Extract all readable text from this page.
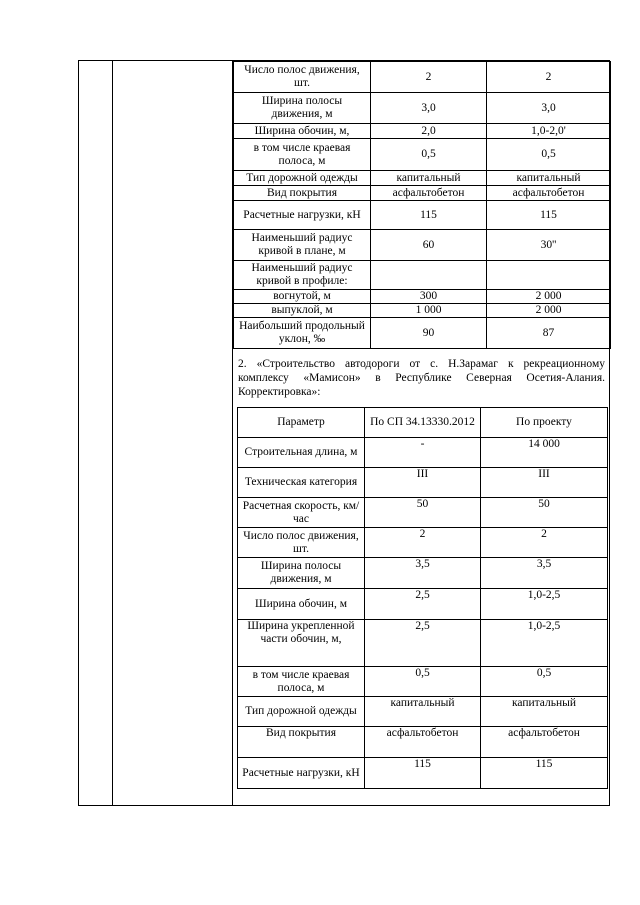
Число полос движения, шт.	2	2
Ширина полосы движения, м	3,0	3,0
Ширина обочин, м,	2,0	1,0-2,0'
в том числе краевая полоса, м	0,5	0,5
Тип дорожной одежды	капитальный	капитальный
Вид покрытия	асфальтобетон	асфальтобетон
Расчетные нагрузки, кН	115	115
Наименьший радиус кривой в плане, м	60	30''
Наименьший радиус кривой в профиле:		
вогнутой, м	300	2 000
выпуклой, м	1 000	2 000
Наибольший продольный уклон, ‰	90	87

2. «Строительство автодороги от с. Н.Зарамаг к рекреационному комплексу «Мамисон» в Республике Северная Осетия-Алания. Корректировка»:

Параметр	По СП 34.13330.2012	По проекту
Строительная длина, м	-	14 000
Техническая категория	III	III
Расчетная скорость, км/час	50	50
Число полос движения, шт.	2	2
Ширина полосы движения, м	3,5	3,5
Ширина обочин, м	2,5	1,0-2,5
Ширина укрепленной части обочин, м,	2,5	1,0-2,5
в том числе краевая полоса, м	0,5	0,5
Тип дорожной одежды	капитальный	капитальный
Вид покрытия	асфальтобетон	асфальтобетон
Расчетные нагрузки, кН	115	115
